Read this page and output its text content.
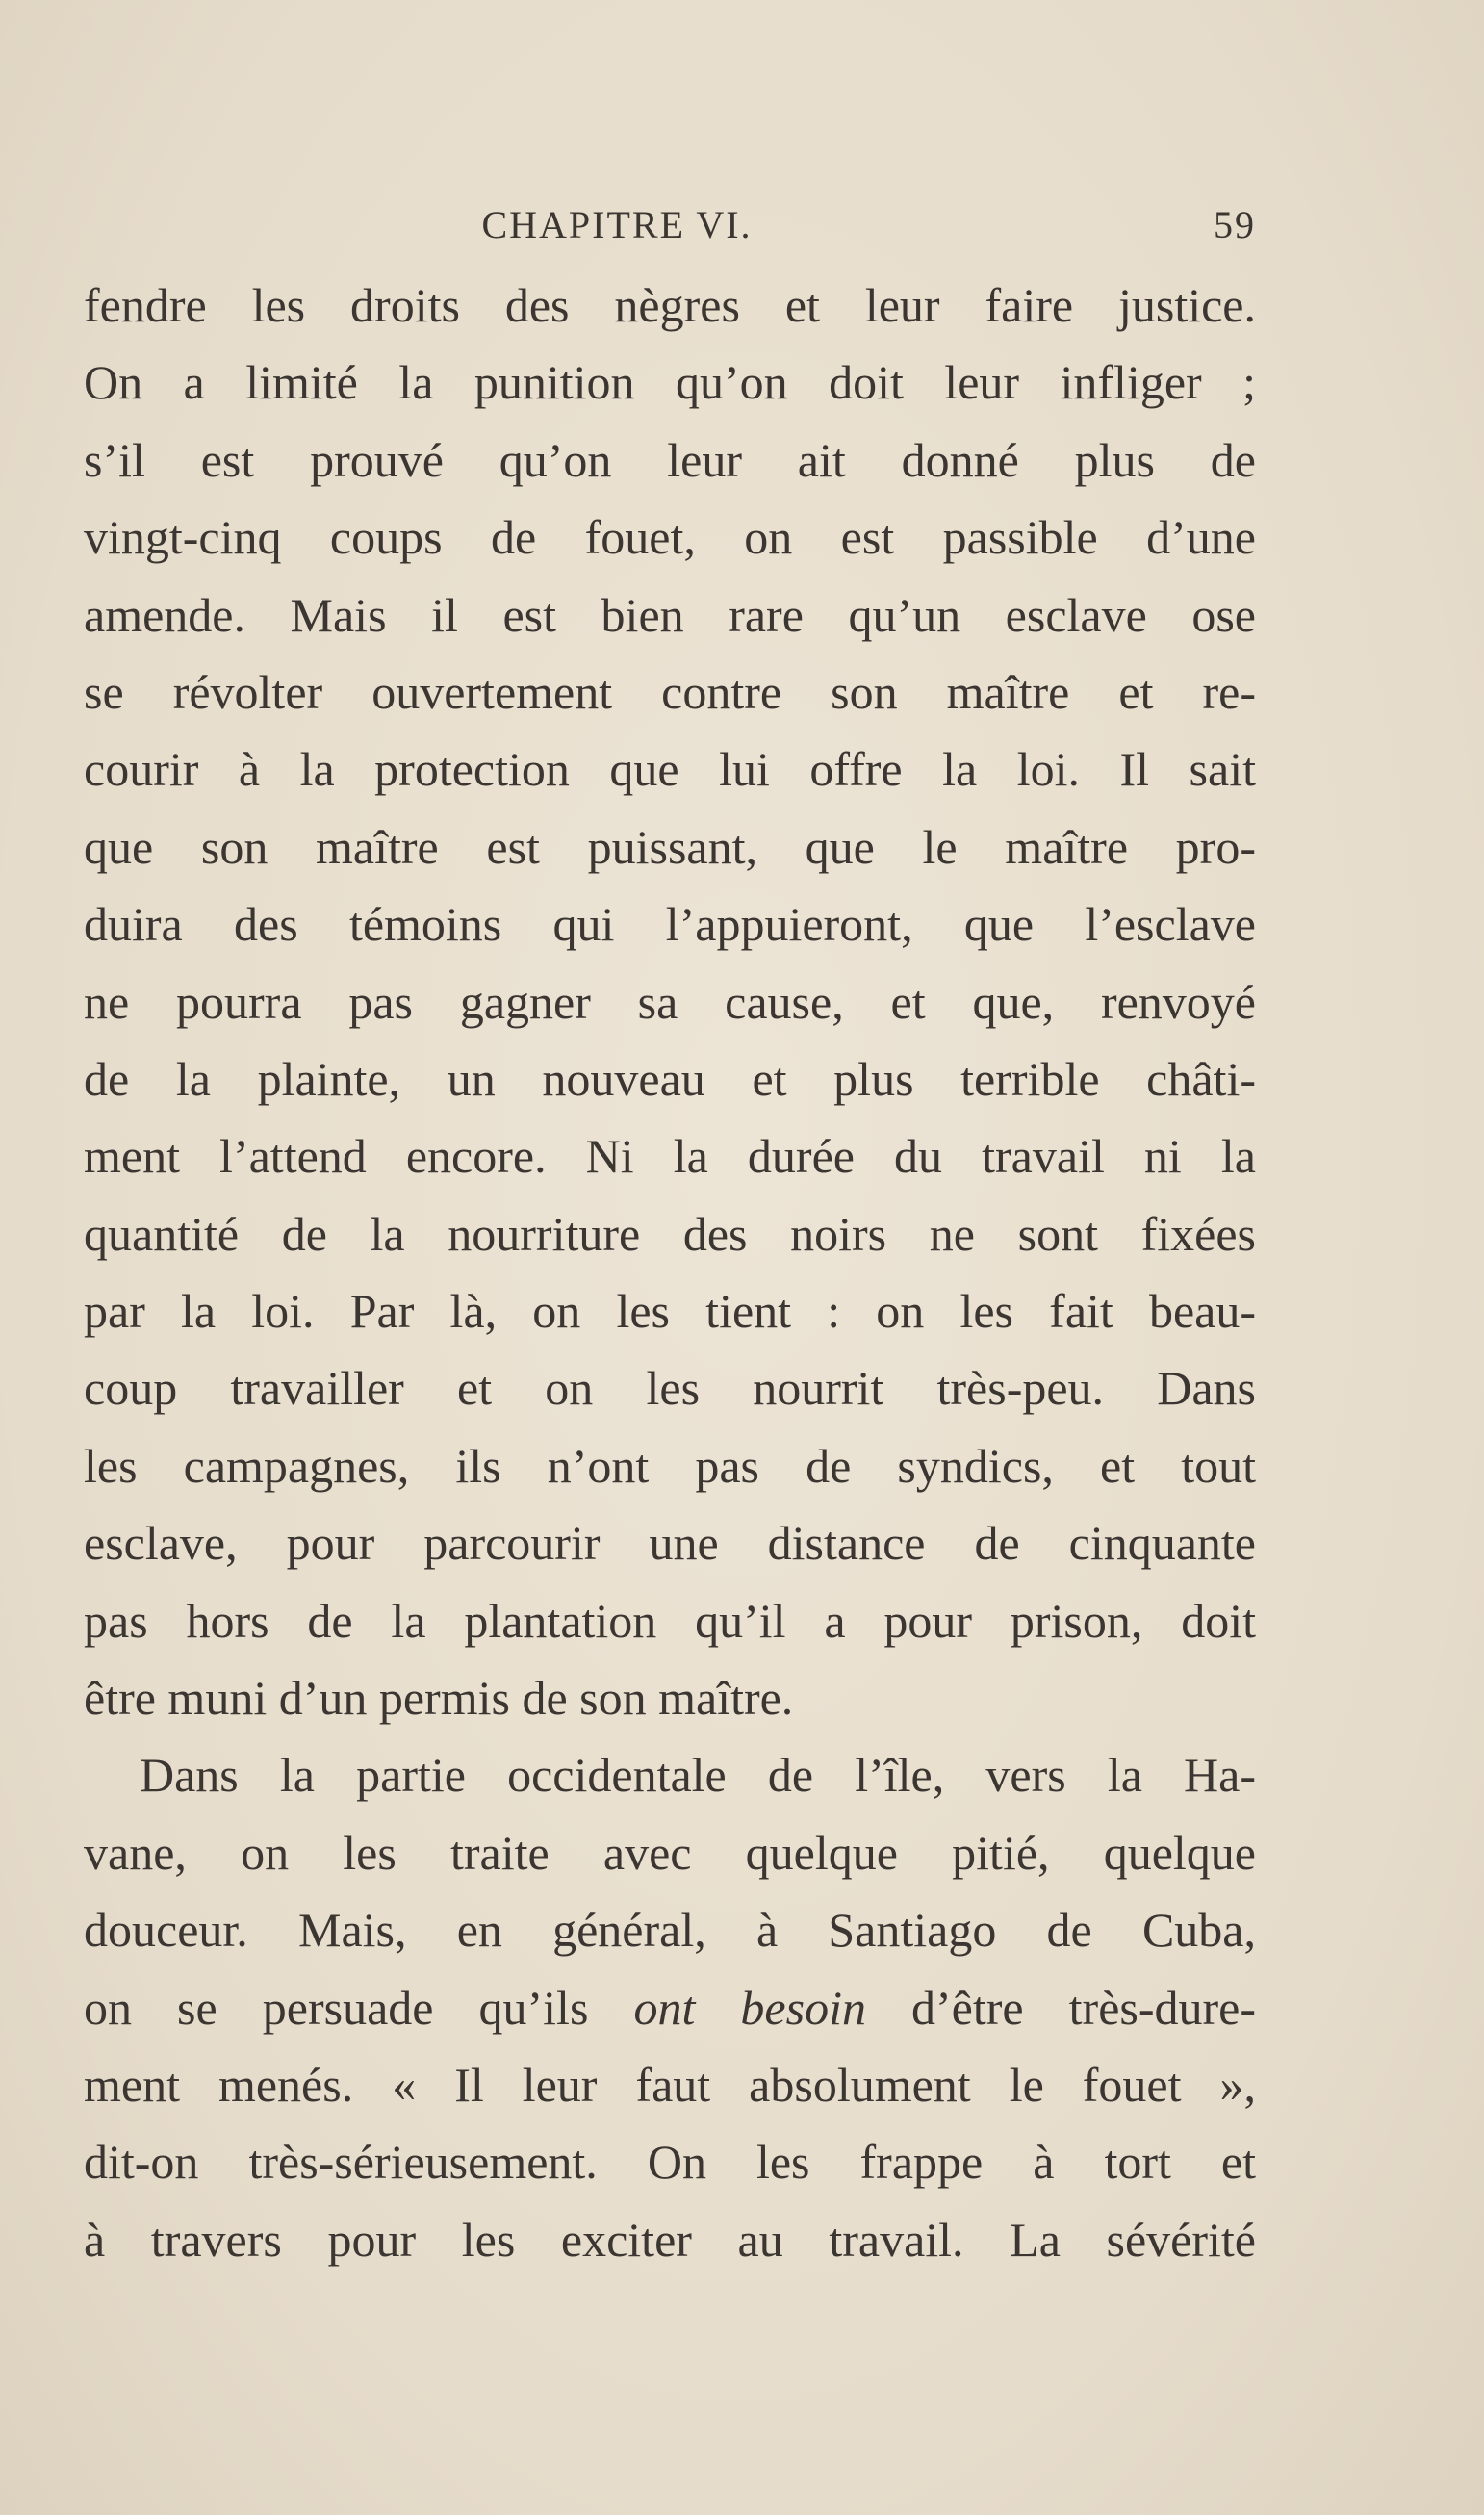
CHAPITRE VI.	59
fendre les droits des nègres et leur faire justice.
On a limité la punition qu’on doit leur infliger ;
s’il est prouvé qu’on leur ait donné plus de
vingt-cinq coups de fouet, on est passible d’une
amende. Mais il est bien rare qu’un esclave ose
se révolter ouvertement contre son maître et re-
courir à la protection que lui offre la loi. Il sait
que son maître est puissant, que le maître pro-
duira des témoins qui l’appuieront, que l’esclave
ne pourra pas gagner sa cause, et que, renvoyé
de la plainte, un nouveau et plus terrible châti-
ment l’attend encore. Ni la durée du travail ni la
quantité de la nourriture des noirs ne sont fixées
par la loi. Par là, on les tient : on les fait beau-
coup travailler et on les nourrit très-peu. Dans
les campagnes, ils n’ont pas de syndics, et tout
esclave, pour parcourir une distance de cinquante
pas hors de la plantation qu’il a pour prison, doit
être muni d’un permis de son maître.
Dans la partie occidentale de l’île, vers la Ha-
vane, on les traite avec quelque pitié, quelque
douceur. Mais, en général, à Santiago de Cuba,
on se persuade qu’ils ont besoin d’être très-dure-
ment menés. « Il leur faut absolument le fouet »,
dit-on très-sérieusement. On les frappe à tort et
à travers pour les exciter au travail. La sévérité
